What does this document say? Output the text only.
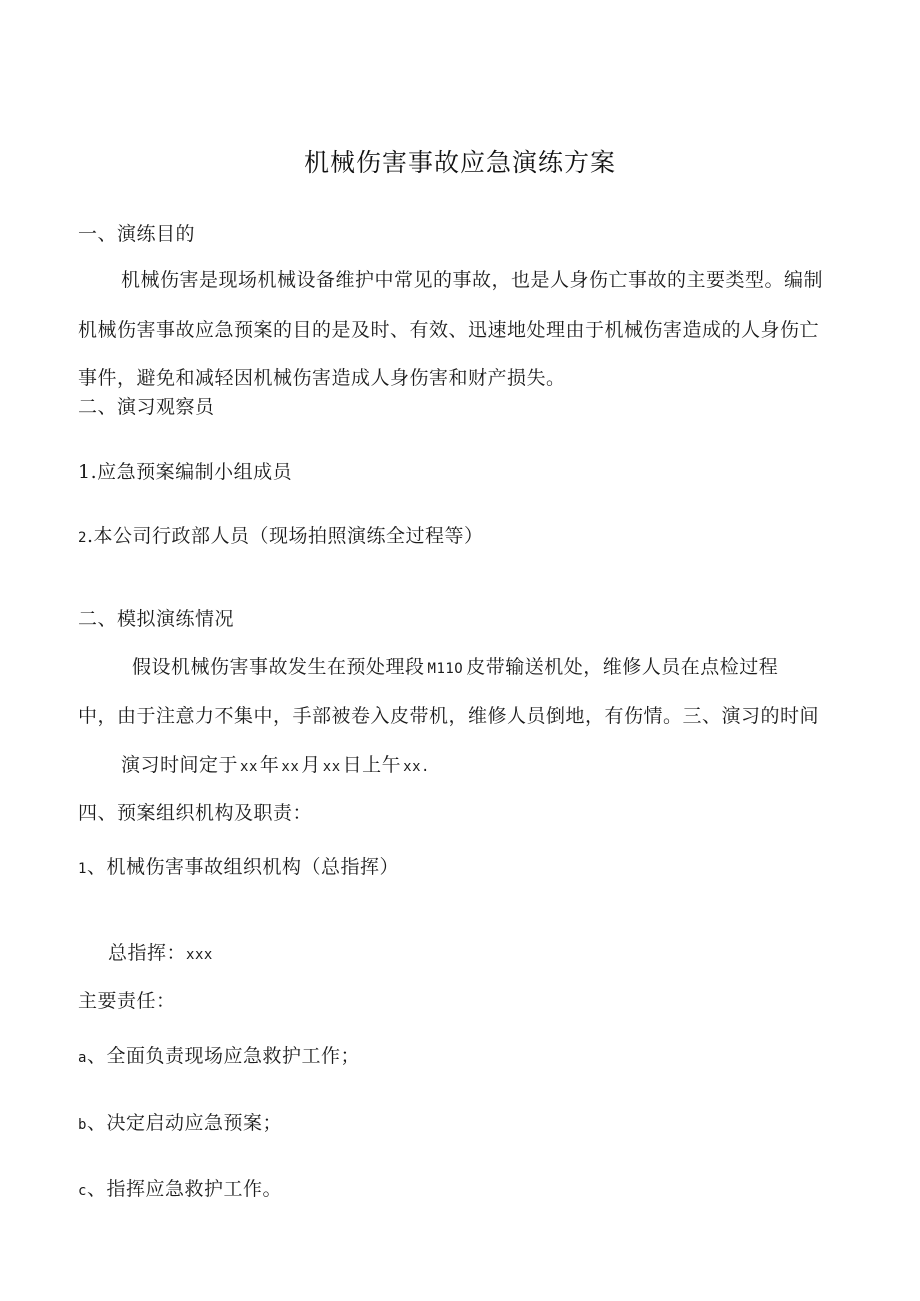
机械伤害事故应急演练方案
一、演练目的
机械伤害是现场机械设备维护中常见的事故，也是人身伤亡事故的主要类型。编制
机械伤害事故应急预案的目的是及时、有效、迅速地处理由于机械伤害造成的人身伤亡
事件，避免和减轻因机械伤害造成人身伤害和财产损失。
二、演习观察员
1.应急预案编制小组成员
2.本公司行政部人员（现场拍照演练全过程等）
二、模拟演练情况
假设机械伤害事故发生在预处理段 M11O 皮带输送机处，维修人员在点检过程
中，由于注意力不集中，手部被卷入皮带机，维修人员倒地，有伤情。三、演习的时间
演习时间定于 xx 年 xx 月 xx 日上午 xx.
四、预案组织机构及职责：
1、机械伤害事故组织机构（总指挥）
总指挥：xxx
主要责任：
a、全面负责现场应急救护工作；
b、决定启动应急预案；
c、指挥应急救护工作。
